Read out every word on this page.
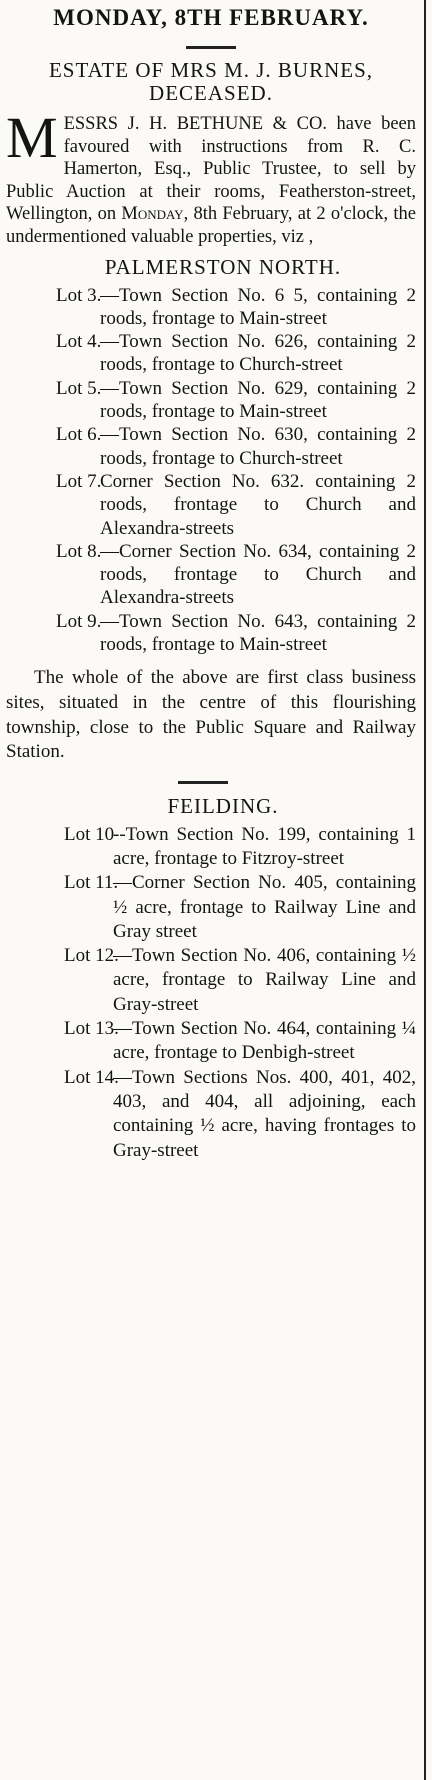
MONDAY, 8TH FEBRUARY.
ESTATE OF MRS M. J. BURNES, DECEASED.

MESSRS J. H. BETHUNE & CO. have been favoured with instructions from R. C. Hamerton, Esq., Public Trustee, to sell by Public Auction at their rooms, Featherston-street, Wellington, on Monday, 8th February, at 2 o'clock, the undermentioned valuable properties, viz ,

PALMERSTON NORTH.
Lot 3.
—Town Section No. 6 5, containing 2 roods, frontage to Main-street
Lot 4.
—Town Section No. 626, containing 2 roods, frontage to Church-street
Lot 5.
—Town Section No. 629, containing 2 roods, frontage to Main-street
Lot 6.
—Town Section No. 630, containing 2 roods, frontage to Church-street
Lot 7.
Corner Section No. 632. containing 2 roods, frontage to Church and Alexandra-streets
Lot 8.
—Corner Section No. 634, containing 2 roods, frontage to Church and Alexandra-streets
Lot 9.
—Town Section No. 643, containing 2 roods, frontage to Main-street

The whole of the above are first class business sites, situated in the centre of this flourishing township, close to the Public Square and Railway Station.

FEILDING.
Lot 10
--Town Section No. 199, containing 1 acre, frontage to Fitzroy-street
Lot 11.
—Corner Section No. 405, containing ½ acre, frontage to Railway Line and Gray street
Lot 12.
—Town Section No. 406, containing ½ acre, frontage to Railway Line and Gray-street
Lot 13.
—Town Section No. 464, containing ¼ acre, frontage to Denbigh-street
Lot 14.
—Town Sections Nos. 400, 401, 402, 403, and 404, all adjoining, each containing ½ acre, having frontages to Gray-street
